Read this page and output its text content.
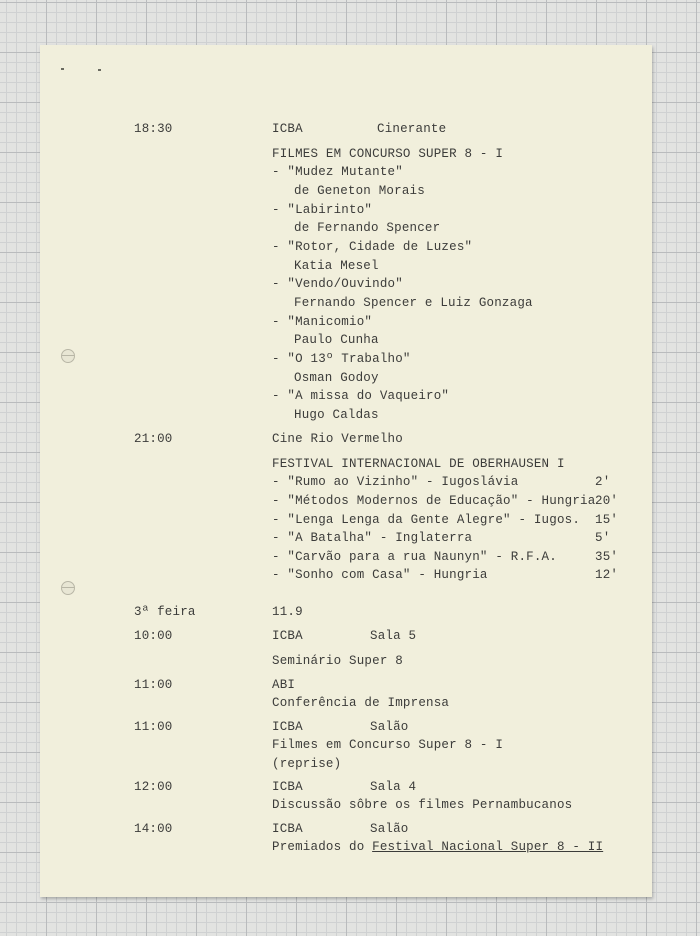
18:30	ICBA	Cinerante

FILMES EM CONCURSO SUPER 8 - I

- "Mudez Mutante"

de Geneton Morais

- "Labirinto"

de Fernando Spencer

- "Rotor, Cidade de Luzes"

Katia Mesel

- "Vendo/Ouvindo"

Fernando Spencer e Luiz Gonzaga

- "Manicomio"

Paulo Cunha

- "O 13º Trabalho"

Osman Godoy

- "A missa do Vaqueiro"

Hugo Caldas

21:00	Cine Rio Vermelho

FESTIVAL INTERNACIONAL DE OBERHAUSEN I

- "Rumo ao Vizinho" - Iugoslávia	2'

- "Métodos Modernos de Educação" - Hungria 20'

- "Lenga Lenga da Gente Alegre" - Iugos. 15'

- "A Batalha" - Inglaterra	5'

- "Carvão para a rua Naunyn" - R.F.A.	35'

- "Sonho com Casa" - Hungria	12'

3ª feira	11.9

10:00	ICBA	Sala 5

Seminário Super 8

11:00	ABI

Conferência de Imprensa

11:00	ICBA	Salão

Filmes em Concurso Super 8 - I

(reprise)

12:00	ICBA	Sala 4

Discussão sôbre os filmes Pernambucanos

14:00	ICBA	Salão

Premiados do Festival Nacional Super 8 - II
